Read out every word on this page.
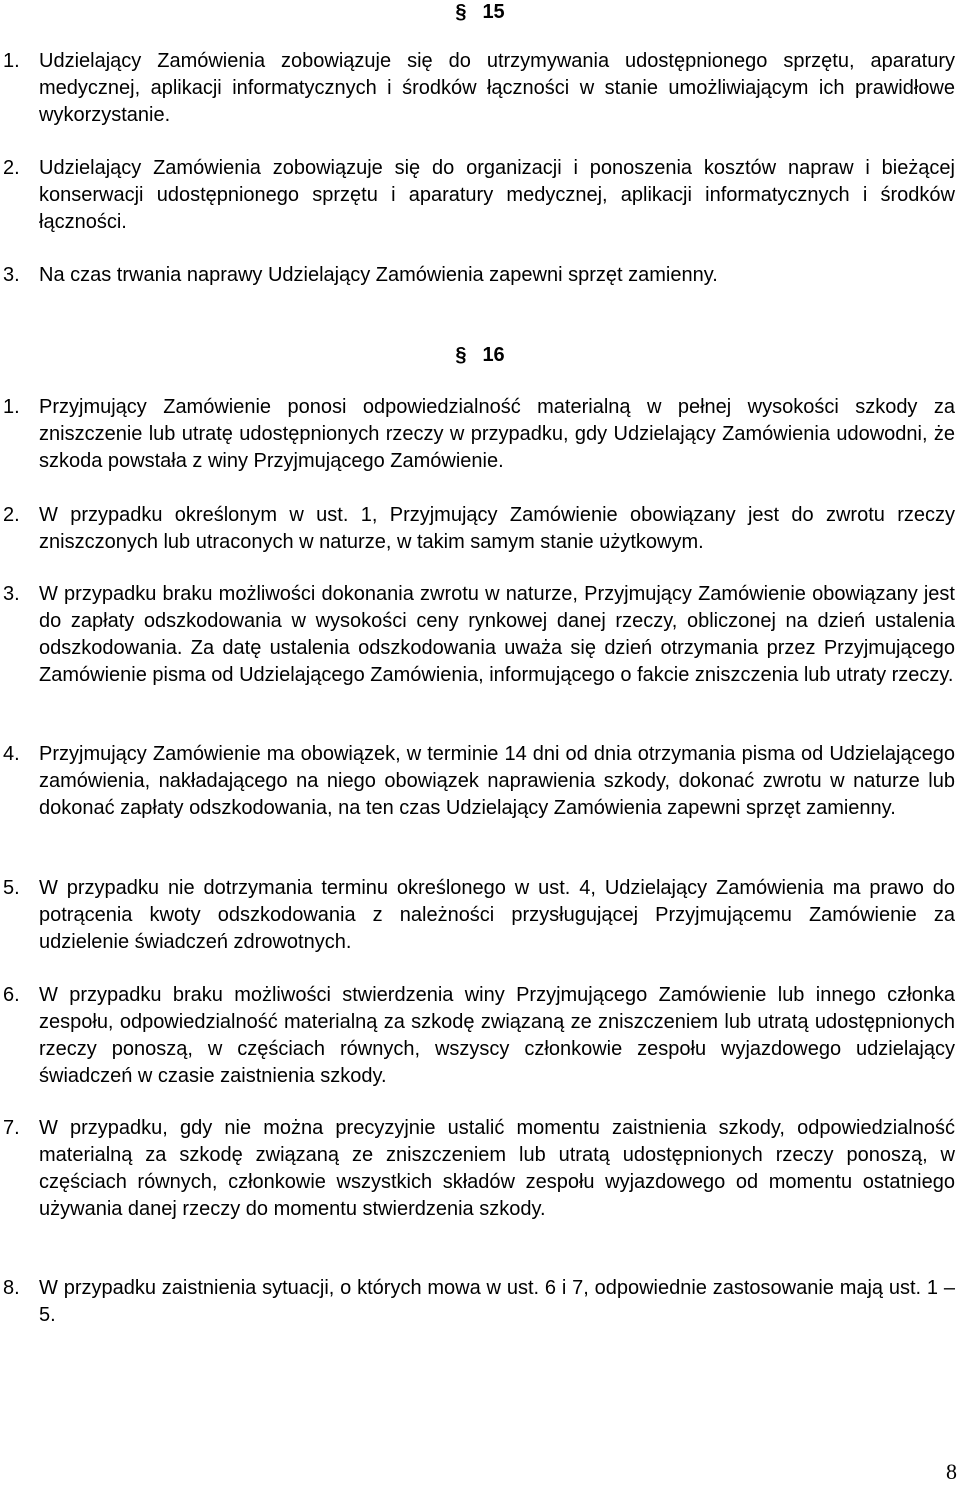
§ 15
1. Udzielający Zamówienia zobowiązuje się do utrzymywania udostępnionego sprzętu, aparatury medycznej, aplikacji informatycznych i środków łączności w stanie umożliwiającym ich prawidłowe wykorzystanie.

2. Udzielający Zamówienia zobowiązuje się do organizacji i ponoszenia kosztów napraw i bieżącej konserwacji udostępnionego sprzętu i aparatury medycznej, aplikacji informatycznych i środków łączności.

3. Na czas trwania naprawy Udzielający Zamówienia zapewni sprzęt zamienny.

§ 16
1. Przyjmujący Zamówienie ponosi odpowiedzialność materialną w pełnej wysokości szkody za zniszczenie lub utratę udostępnionych rzeczy w przypadku, gdy Udzielający Zamówienia udowodni, że szkoda powstała z winy Przyjmującego Zamówienie.

2. W przypadku określonym w ust. 1, Przyjmujący Zamówienie obowiązany jest do zwrotu rzeczy zniszczonych lub utraconych w naturze, w takim samym stanie użytkowym.

3. W przypadku braku możliwości dokonania zwrotu w naturze, Przyjmujący Zamówienie obowiązany jest do zapłaty odszkodowania w wysokości ceny rynkowej danej rzeczy, obliczonej na dzień ustalenia odszkodowania. Za datę ustalenia odszkodowania uważa się dzień otrzymania przez Przyjmującego Zamówienie pisma od Udzielającego Zamówienia, informującego o fakcie zniszczenia lub utraty rzeczy.

4. Przyjmujący Zamówienie ma obowiązek, w terminie 14 dni od dnia otrzymania pisma od Udzielającego zamówienia, nakładającego na niego obowiązek naprawienia szkody, dokonać zwrotu w naturze lub dokonać zapłaty odszkodowania, na ten czas Udzielający Zamówienia zapewni sprzęt zamienny.

5. W przypadku nie dotrzymania terminu określonego w ust. 4, Udzielający Zamówienia ma prawo do potrącenia kwoty odszkodowania z należności przysługującej Przyjmującemu Zamówienie za udzielenie świadczeń zdrowotnych.

6. W przypadku braku możliwości stwierdzenia winy Przyjmującego Zamówienie lub innego członka zespołu, odpowiedzialność materialną za szkodę związaną ze zniszczeniem lub utratą udostępnionych rzeczy ponoszą, w częściach równych, wszyscy członkowie zespołu wyjazdowego udzielający świadczeń w czasie zaistnienia szkody.

7. W przypadku, gdy nie można precyzyjnie ustalić momentu zaistnienia szkody, odpowiedzialność materialną za szkodę związaną ze zniszczeniem lub utratą udostępnionych rzeczy ponoszą, w częściach równych, członkowie wszystkich składów zespołu wyjazdowego od momentu ostatniego używania danej rzeczy do momentu stwierdzenia szkody.

8. W przypadku zaistnienia sytuacji, o których mowa w ust. 6 i 7, odpowiednie zastosowanie mają ust. 1 – 5.

8
